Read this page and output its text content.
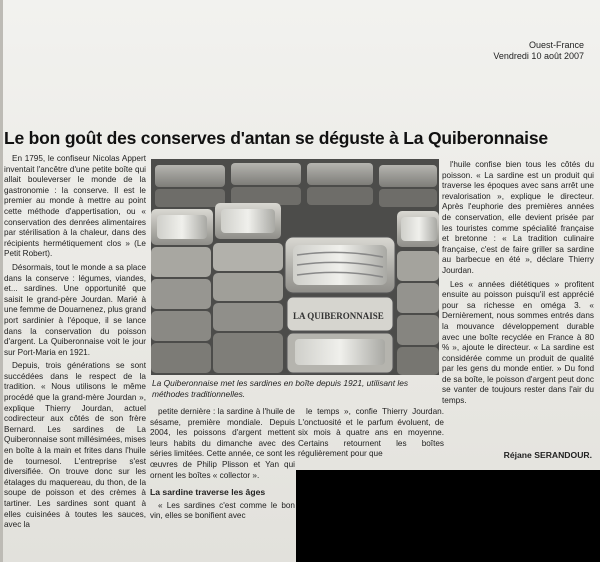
Ouest-France
Vendredi 10 août 2007
Le bon goût des conserves d'antan se déguste à La Quiberonnaise

En 1795, le confiseur Nicolas Appert inventait l'ancêtre d'une petite boîte qui allait bouleverser le monde de la gastronomie : la conserve. Il est le premier au monde à mettre au point cette méthode d'appertisation, ou « conservation des denrées alimentaires par stérilisation à la chaleur, dans des récipients hermétiquement clos » (Le Petit Robert).

Désormais, tout le monde a sa place dans la conserve : légumes, viandes, et... sardines. Une opportunité que saisit le grand-père Jourdan. Marié à une femme de Douarnenez, plus grand port sardinier à l'époque, il se lance dans la conservation du poisson d'argent. La Quiberonnaise voit le jour sur Port-Maria en 1921.

Depuis, trois générations se sont succédées dans le respect de la tradition. « Nous utilisons le même procédé que la grand-mère Jourdan », explique Thierry Jourdan, actuel codirecteur aux côtés de son frère Bernard. Les sardines de La Quiberonnaise sont millésimées, mises en boîte à la main et frites dans l'huile de tournesol. L'entreprise s'est diversifiée. On trouve donc sur les étalages du maquereau, du thon, de la soupe de poisson et des crèmes à tartiner. Les sardines sont quant à elles cuisinées à toutes les sauces, avec la

LA QUIBERONNAISE
La Quiberonnaise met les sardines en boîte depuis 1921, utilisant les méthodes traditionnelles.

petite dernière : la sardine à l'huile de sésame, première mondiale. Depuis 2004, les poissons d'argent mettent leurs habits du dimanche avec des séries limitées. Cette année, ce sont les œuvres de Philip Plisson et Yan qui ornent les boîtes « collector ».

La sardine traverse les âges

« Les sardines c'est comme le bon vin, elles se bonifient avec

le temps », confie Thierry Jourdan. L'onctuosité et le parfum évoluent, de six mois à quatre ans en moyenne. Certains retournent les boîtes régulièrement pour que

l'huile confise bien tous les côtés du poisson. « La sardine est un produit qui traverse les époques avec sans arrêt une revalorisation », explique le directeur. Après l'euphorie des premières années de conservation, elle devient prisée par les touristes comme spécialité française et bretonne : « La tradition culinaire française, c'est de faire griller sa sardine au barbecue en été », déclare Thierry Jourdan.

Les « années diététiques » profitent ensuite au poisson puisqu'il est apprécié pour sa richesse en oméga 3. « Dernièrement, nous sommes entrés dans la mouvance développement durable avec une boîte recyclée en France à 80 % », ajoute le directeur. « La sardine est considérée comme un produit de qualité par les gens du monde entier. » Du fond de sa boîte, le poisson d'argent peut donc se vanter de toujours rester dans l'air du temps.

Réjane SERANDOUR.
